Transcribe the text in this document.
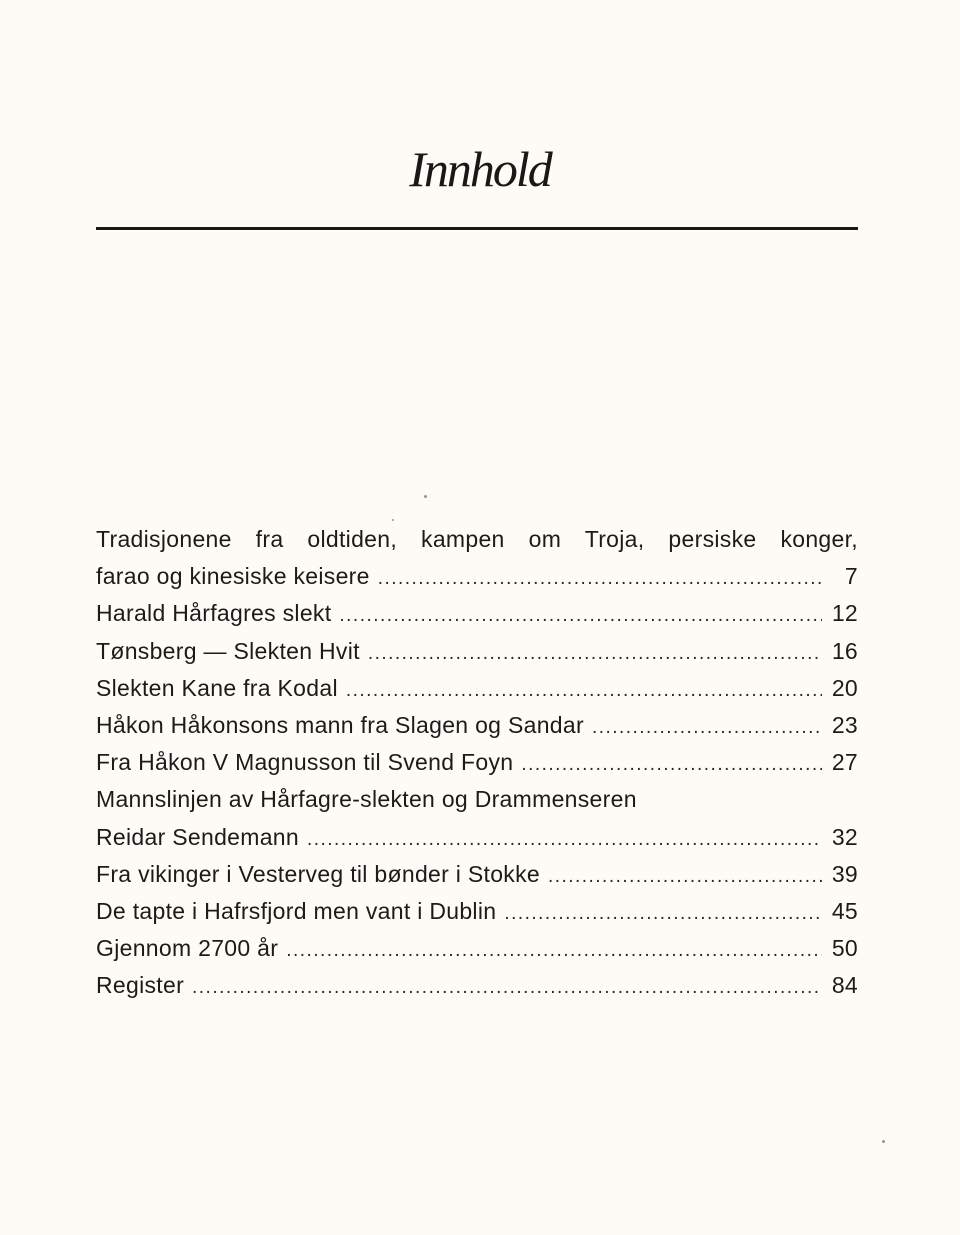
Innhold
Tradisjonene fra oldtiden, kampen om Troja, persiske konger,
farao og kinesiske keisere . . .	7
Harald Hårfagres slekt . . .	12
Tønsberg — Slekten Hvit . . .	16
Slekten Kane fra Kodal . . .	20
Håkon Håkonsons mann fra Slagen og Sandar . . .	23
Fra Håkon V Magnusson til Svend Foyn . . .	27
Mannslinjen av Hårfagre-slekten og Drammenseren
Reidar Sendemann . . .	32
Fra vikinger i Vesterveg til bønder i Stokke . . .	39
De tapte i Hafrsfjord men vant i Dublin . . .	45
Gjennom 2700 år . . .	50
Register . . .	84
